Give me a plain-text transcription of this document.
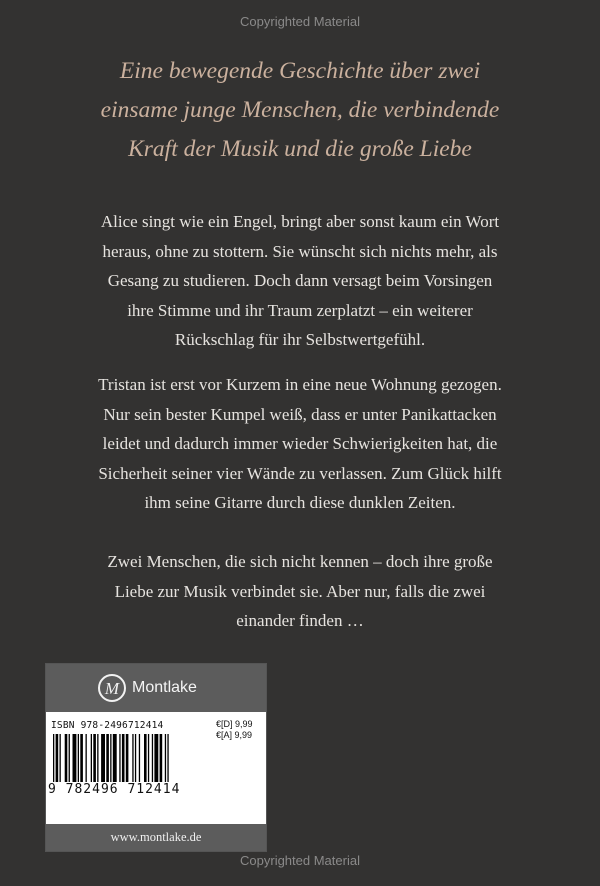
Copyrighted Material
Eine bewegende Geschichte über zwei
einsame junge Menschen, die verbindende
Kraft der Musik und die große Liebe
Alice singt wie ein Engel, bringt aber sonst kaum ein Wort
heraus, ohne zu stottern. Sie wünscht sich nichts mehr, als
Gesang zu studieren. Doch dann versagt beim Vorsingen
ihre Stimme und ihr Traum zerplatzt – ein weiterer
Rückschlag für ihr Selbstwertgefühl.
Tristan ist erst vor Kurzem in eine neue Wohnung gezogen.
Nur sein bester Kumpel weiß, dass er unter Panikattacken
leidet und dadurch immer wieder Schwierigkeiten hat, die
Sicherheit seiner vier Wände zu verlassen. Zum Glück hilft
ihm seine Gitarre durch diese dunklen Zeiten.
Zwei Menschen, die sich nicht kennen – doch ihre große
Liebe zur Musik verbindet sie. Aber nur, falls die zwei
einander finden …
M Montlake
ISBN 978-2496712414	€[D] 9,99
€[A] 9,99
9 782496 712414
www.montlake.de
Copyrighted Material
